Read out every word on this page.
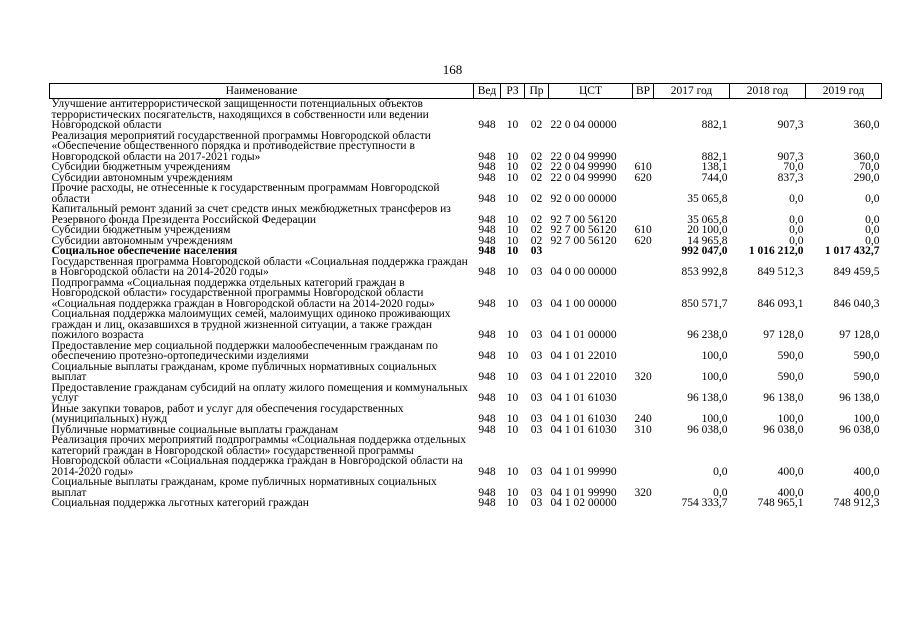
168
Наименование	Вед	РЗ	Пр	ЦСТ	ВР	2017 год	2018 год	2019 год
Улучшение антитеррористической защищенности потенциальных объектов террористических посягательств, находящихся в собственности или ведении Новгородской области	948	10	02	22 0 04 00000		882,1	907,3	360,0
Реализация мероприятий государственной программы Новгородской области «Обеспечение общественного порядка и противодействие преступности в Новгородской области на 2017-2021 годы»	948	10	02	22 0 04 99990		882,1	907,3	360,0
Субсидии бюджетным учреждениям	948	10	02	22 0 04 99990	610	138,1	70,0	70,0
Субсидии автономным учреждениям	948	10	02	22 0 04 99990	620	744,0	837,3	290,0
Прочие расходы, не отнесенные к государственным программам Новгородской области	948	10	02	92 0 00 00000		35 065,8	0,0	0,0
Капитальный ремонт зданий за счет средств иных межбюджетных трансферов из Резервного фонда Президента Российской Федерации	948	10	02	92 7 00 56120		35 065,8	0,0	0,0
Субсидии бюджетным учреждениям	948	10	02	92 7 00 56120	610	20 100,0	0,0	0,0
Субсидии автономным учреждениям	948	10	02	92 7 00 56120	620	14 965,8	0,0	0,0
Социальное обеспечение населения	948	10	03			992 047,0	1 016 212,0	1 017 432,7
Государственная программа Новгородской области «Социальная поддержка граждан в Новгородской области на 2014-2020 годы»	948	10	03	04 0 00 00000		853 992,8	849 512,3	849 459,5
Подпрограмма «Социальная поддержка отдельных категорий граждан в Новгородской области» государственной программы Новгородской области «Социальная поддержка граждан в Новгородской области на 2014-2020 годы»	948	10	03	04 1 00 00000		850 571,7	846 093,1	846 040,3
Социальная поддержка малоимущих семей, малоимущих одиноко проживающих граждан и лиц, оказавшихся в трудной жизненной ситуации, а также граждан пожилого возраста	948	10	03	04 1 01 00000		96 238,0	97 128,0	97 128,0
Предоставление мер социальной поддержки малообеспеченным гражданам по обеспечению протезно-ортопедическими изделиями	948	10	03	04 1 01 22010		100,0	590,0	590,0
Социальные выплаты гражданам, кроме публичных нормативных социальных выплат	948	10	03	04 1 01 22010	320	100,0	590,0	590,0
Предоставление гражданам субсидий на оплату жилого помещения и коммунальных услуг	948	10	03	04 1 01 61030		96 138,0	96 138,0	96 138,0
Иные закупки товаров, работ и услуг для обеспечения государственных (муниципальных) нужд	948	10	03	04 1 01 61030	240	100,0	100,0	100,0
Публичные нормативные социальные выплаты гражданам	948	10	03	04 1 01 61030	310	96 038,0	96 038,0	96 038,0
Реализация прочих мероприятий подпрограммы «Социальная поддержка отдельных категорий граждан в Новгородской области» государственной программы Новгородской области «Социальная поддержка граждан в Новгородской области на 2014-2020 годы»	948	10	03	04 1 01 99990		0,0	400,0	400,0
Социальные выплаты гражданам, кроме публичных нормативных социальных выплат	948	10	03	04 1 01 99990	320	0,0	400,0	400,0
Социальная поддержка льготных категорий граждан	948	10	03	04 1 02 00000		754 333,7	748 965,1	748 912,3
